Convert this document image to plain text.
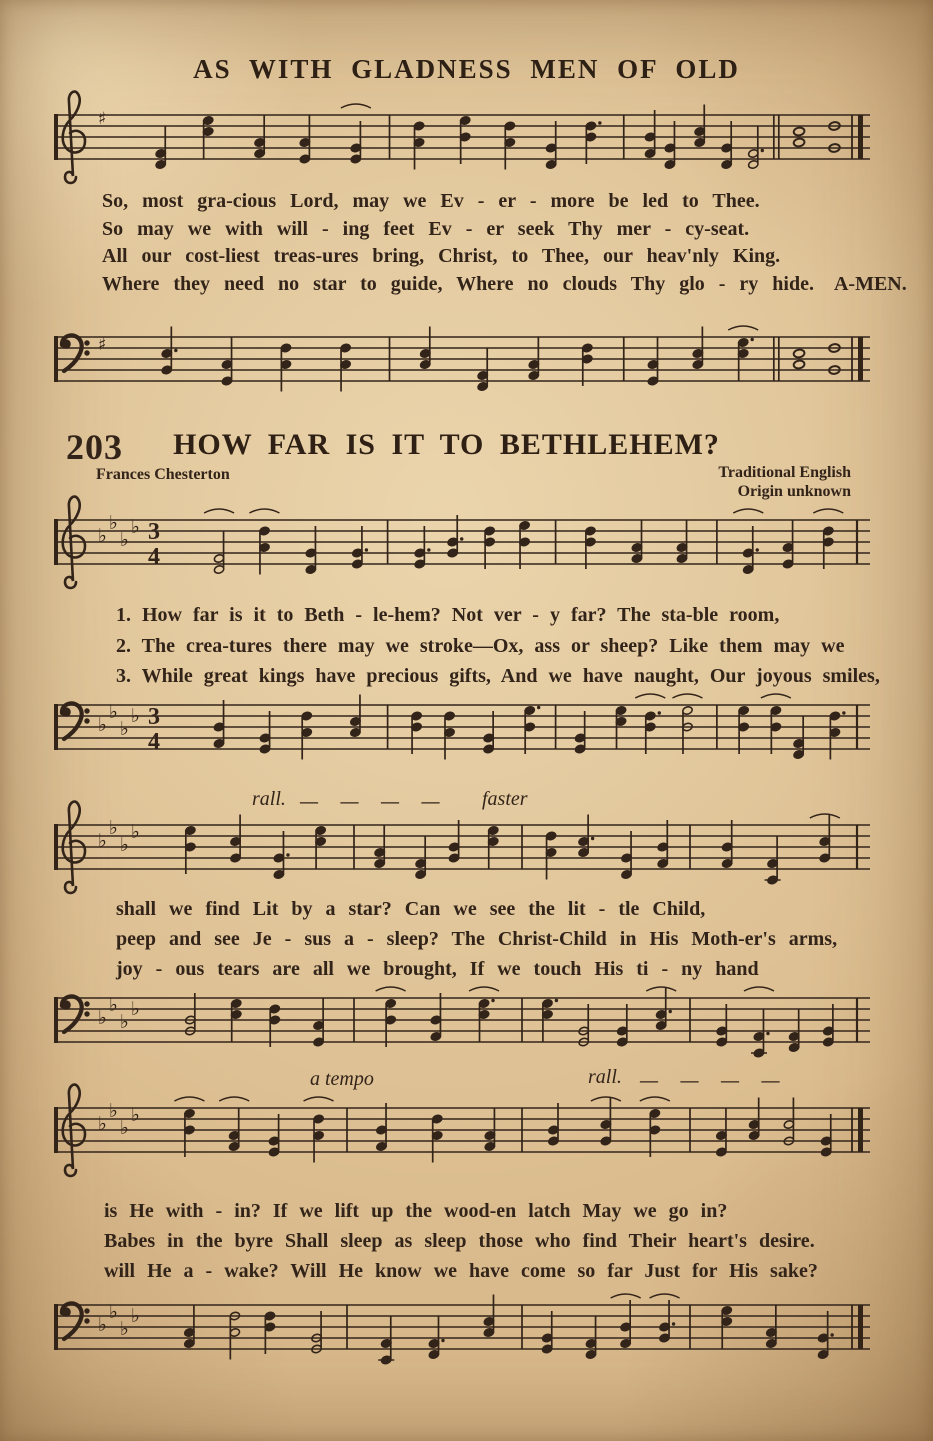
AS WITH GLADNESS MEN OF OLD
♯
So, most gra-cious Lord, may we Ev - er - more be led to Thee.
So may we with will - ing feet Ev - er seek Thy mer - cy-seat.
All our cost-liest treas-ures bring, Christ, to Thee, our heav'nly King.
Where they need no star to guide, Where no clouds Thy glo - ry hide. A-MEN.
♯
203	HOW FAR IS IT TO BETHLEHEM?
Frances Chesterton	Traditional English
Origin unknown
♭
♭
♭
♭ 3
4
1. How far is it to Beth - le-hem? Not ver - y far? The sta-ble room,
2. The crea-tures there may we stroke—Ox, ass or sheep? Like them may we
3. While great kings have precious gifts, And we have naught, Our joyous smiles,
♭
♭
♭
♭ 3
4
rall. — — — — faster
♭
♭
♭
♭
shall we find Lit by a star? Can we see the lit - tle Child,
peep and see Je - sus a - sleep? The Christ-Child in His Moth-er's arms,
joy - ous tears are all we brought, If we touch His ti - ny hand
♭
♭
♭
♭
a tempo	rall. — — — —
♭
♭
♭
♭
is He with - in? If we lift up the wood-en latch May we go in?
Babes in the byre Shall sleep as sleep those who find Their heart's desire.
will He a - wake? Will He know we have come so far Just for His sake?
♭
♭
♭
♭
